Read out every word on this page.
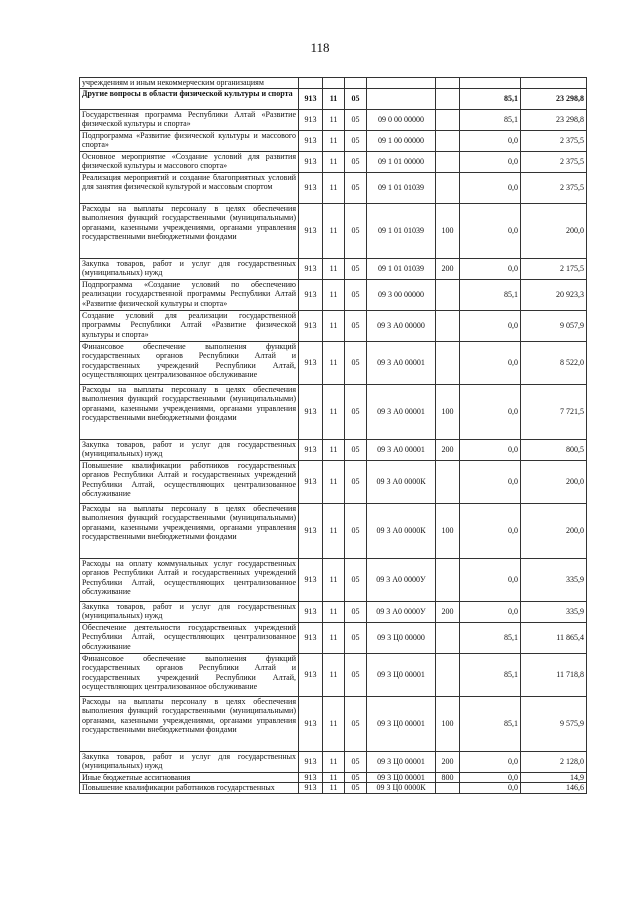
118
учреждениям и иным некоммерческим организациям							
Другие вопросы в области физической культуры и спорта	913	11	05			85,1	23 298,8
Государственная программа Республики Алтай «Развитие физической культуры и спорта»	913	11	05	09 0 00 00000		85,1	23 298,8
Подпрограмма «Развитие физической культуры и массового спорта»	913	11	05	09 1 00 00000		0,0	2 375,5
Основное мероприятие «Создание условий для развития физической культуры и массового спорта»	913	11	05	09 1 01 00000		0,0	2 375,5
Реализация мероприятий и создание благоприятных условий для занятия физической культурой и массовым спортом	913	11	05	09 1 01 01039		0,0	2 375,5
Расходы на выплаты персоналу в целях обеспечения выполнения функций государственными (муниципальными) органами, казенными учреждениями, органами управления государственными внебюджетными фондами	913	11	05	09 1 01 01039	100	0,0	200,0
Закупка товаров, работ и услуг для государственных (муниципальных) нужд	913	11	05	09 1 01 01039	200	0,0	2 175,5
Подпрограмма «Создание условий по обеспечению реализации государственной программы Республики Алтай «Развитие физической культуры и спорта»	913	11	05	09 3 00 00000		85,1	20 923,3
Создание условий для реализации государственной программы Республики Алтай «Развитие физической культуры и спорта»	913	11	05	09 3 А0 00000		0,0	9 057,9
Финансовое обеспечение выполнения функций государственных органов Республики Алтай и государственных учреждений Республики Алтай, осуществляющих централизованное обслуживание	913	11	05	09 3 А0 00001		0,0	8 522,0
Расходы на выплаты персоналу в целях обеспечения выполнения функций государственными (муниципальными) органами, казенными учреждениями, органами управления государственными внебюджетными фондами	913	11	05	09 3 А0 00001	100	0,0	7 721,5
Закупка товаров, работ и услуг для государственных (муниципальных) нужд	913	11	05	09 3 А0 00001	200	0,0	800,5
Повышение квалификации работников государственных органов Республики Алтай и государственных учреждений Республики Алтай, осуществляющих централизованное обслуживание	913	11	05	09 3 А0 0000К		0,0	200,0
Расходы на выплаты персоналу в целях обеспечения выполнения функций государственными (муниципальными) органами, казенными учреждениями, органами управления государственными внебюджетными фондами	913	11	05	09 3 А0 0000К	100	0,0	200,0
Расходы на оплату коммунальных услуг государственных органов Республики Алтай и государственных учреждений Республики Алтай, осуществляющих централизованное обслуживание	913	11	05	09 3 А0 0000У		0,0	335,9
Закупка товаров, работ и услуг для государственных (муниципальных) нужд	913	11	05	09 3 А0 0000У	200	0,0	335,9
Обеспечение деятельности государственных учреждений Республики Алтай, осуществляющих централизованное обслуживание	913	11	05	09 3 Ц0 00000		85,1	11 865,4
Финансовое обеспечение выполнения функций государственных органов Республики Алтай и государственных учреждений Республики Алтай, осуществляющих централизованное обслуживание	913	11	05	09 3 Ц0 00001		85,1	11 718,8
Расходы на выплаты персоналу в целях обеспечения выполнения функций государственными (муниципальными) органами, казенными учреждениями, органами управления государственными внебюджетными фондами	913	11	05	09 3 Ц0 00001	100	85,1	9 575,9
Закупка товаров, работ и услуг для государственных (муниципальных) нужд	913	11	05	09 3 Ц0 00001	200	0,0	2 128,0
Иные бюджетные ассигнования	913	11	05	09 3 Ц0 00001	800	0,0	14,9
Повышение квалификации работников государственных	913	11	05	09 3 Ц0 0000К		0,0	146,6
